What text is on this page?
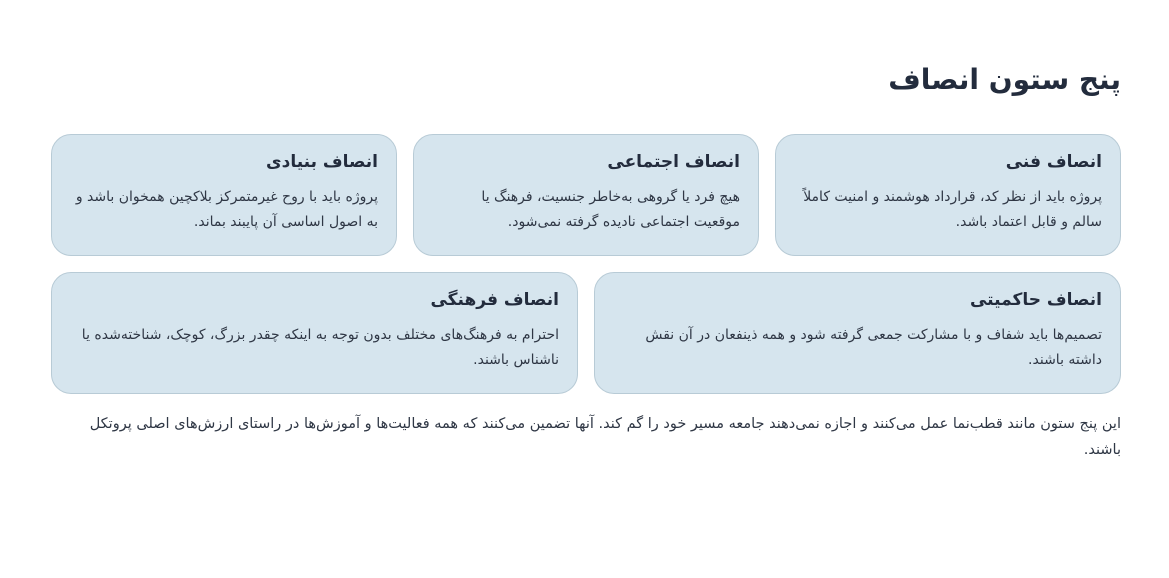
پنج ستون انصاف
انصاف فنی

پروژه باید از نظر کد، قرارداد هوشمند و امنیت کاملاً سالم و قابل اعتماد باشد.

انصاف اجتماعی

هیچ فرد یا گروهی به‌خاطر جنسیت، فرهنگ یا موقعیت اجتماعی نادیده گرفته نمی‌شود.

انصاف بنیادی

پروژه باید با روح غیرمتمرکز بلاکچین همخوان باشد و به اصول اساسی آن پایبند بماند.

انصاف حاکمیتی

تصمیم‌ها باید شفاف و با مشارکت جمعی گرفته شود و همه ذینفعان در آن نقش داشته باشند.

انصاف فرهنگی

احترام به فرهنگ‌های مختلف بدون توجه به اینکه چقدر بزرگ، کوچک، شناخته‌شده یا ناشناس باشند.

این پنج ستون مانند قطب‌نما عمل می‌کنند و اجازه نمی‌دهند جامعه مسیر خود را گم کند. آنها تضمین می‌کنند که همه فعالیت‌ها و آموزش‌ها در راستای ارزش‌های اصلی پروتکل باشند.
